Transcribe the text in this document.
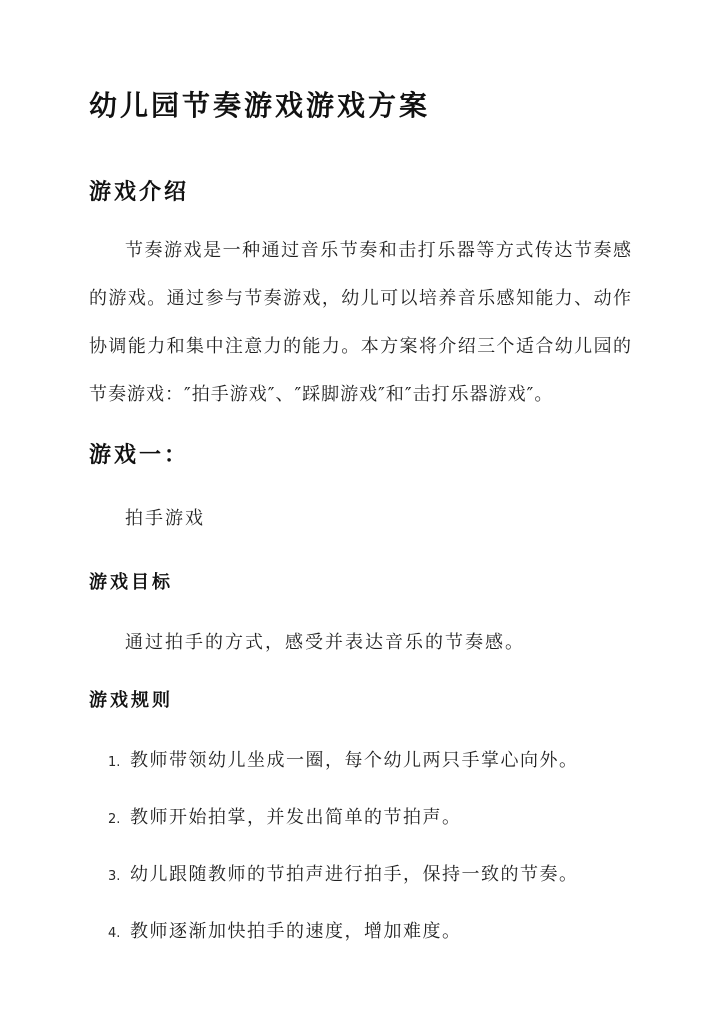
幼儿园节奏游戏游戏方案
游戏介绍

节奏游戏是一种通过音乐节奏和击打乐器等方式传达节奏感的游戏。通过参与节奏游戏，幼儿可以培养音乐感知能力、动作协调能力和集中注意力的能力。本方案将介绍三个适合幼儿园的节奏游戏：″拍手游戏″、″踩脚游戏″和″击打乐器游戏″。

游戏一：

拍手游戏

游戏目标

通过拍手的方式，感受并表达音乐的节奏感。

游戏规则
1. 教师带领幼儿坐成一圈，每个幼儿两只手掌心向外。
2. 教师开始拍掌，并发出简单的节拍声。
3. 幼儿跟随教师的节拍声进行拍手，保持一致的节奏。
4. 教师逐渐加快拍手的速度，增加难度。
